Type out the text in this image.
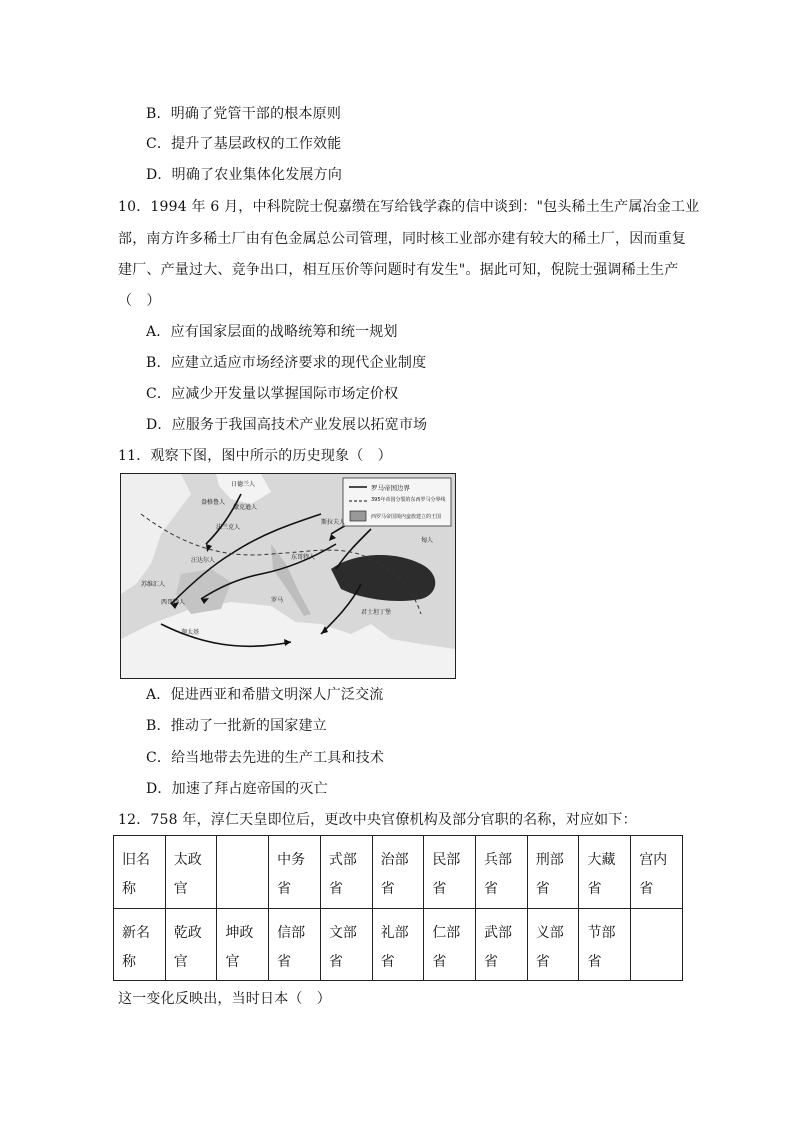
B．明确了党管干部的根本原则
C．提升了基层政权的工作效能
D．明确了农业集体化发展方向
10．1994 年 6 月，中科院院士倪嘉缵在写给钱学森的信中谈到："包头稀土生产属冶金工业
部，南方许多稀土厂由有色金属总公司管理，同时核工业部亦建有较大的稀土厂，因而重复
建厂、产量过大、竞争出口，相互压价等问题时有发生"。据此可知，倪院士强调稀土生产
（　）
A．应有国家层面的战略统筹和统一规划
B．应建立适应市场经济要求的现代企业制度
C．应减少开发量以掌握国际市场定价权
D．应服务于我国高技术产业发展以拓宽市场
11．观察下图，图中所示的历史现象（　）
罗马帝国边界
395年帝国分裂的东西罗马分界线
西罗马帝国境内蛮族建立的王国
日德兰人
盎格鲁人
撒克逊人
法兰克人
汪达尔人
苏维汇人
西哥特人
东哥特人
匈人
斯拉夫人
君士坦丁堡
迦太基
罗马
A．促进西亚和希腊文明深人广泛交流
B．推动了一批新的国家建立
C．给当地带去先进的生产工具和技术
D．加速了拜占庭帝国的灭亡
12．758 年，淳仁天皇即位后，更改中央官僚机构及部分官职的名称，对应如下：
旧名称	太政官		中务省	式部省	治部省	民部省	兵部省	刑部省	大藏省	宫内省
新名称	乾政官	坤政官	信部省	文部省	礼部省	仁部省	武部省	义部省	节部省	
这一变化反映出，当时日本（　）
